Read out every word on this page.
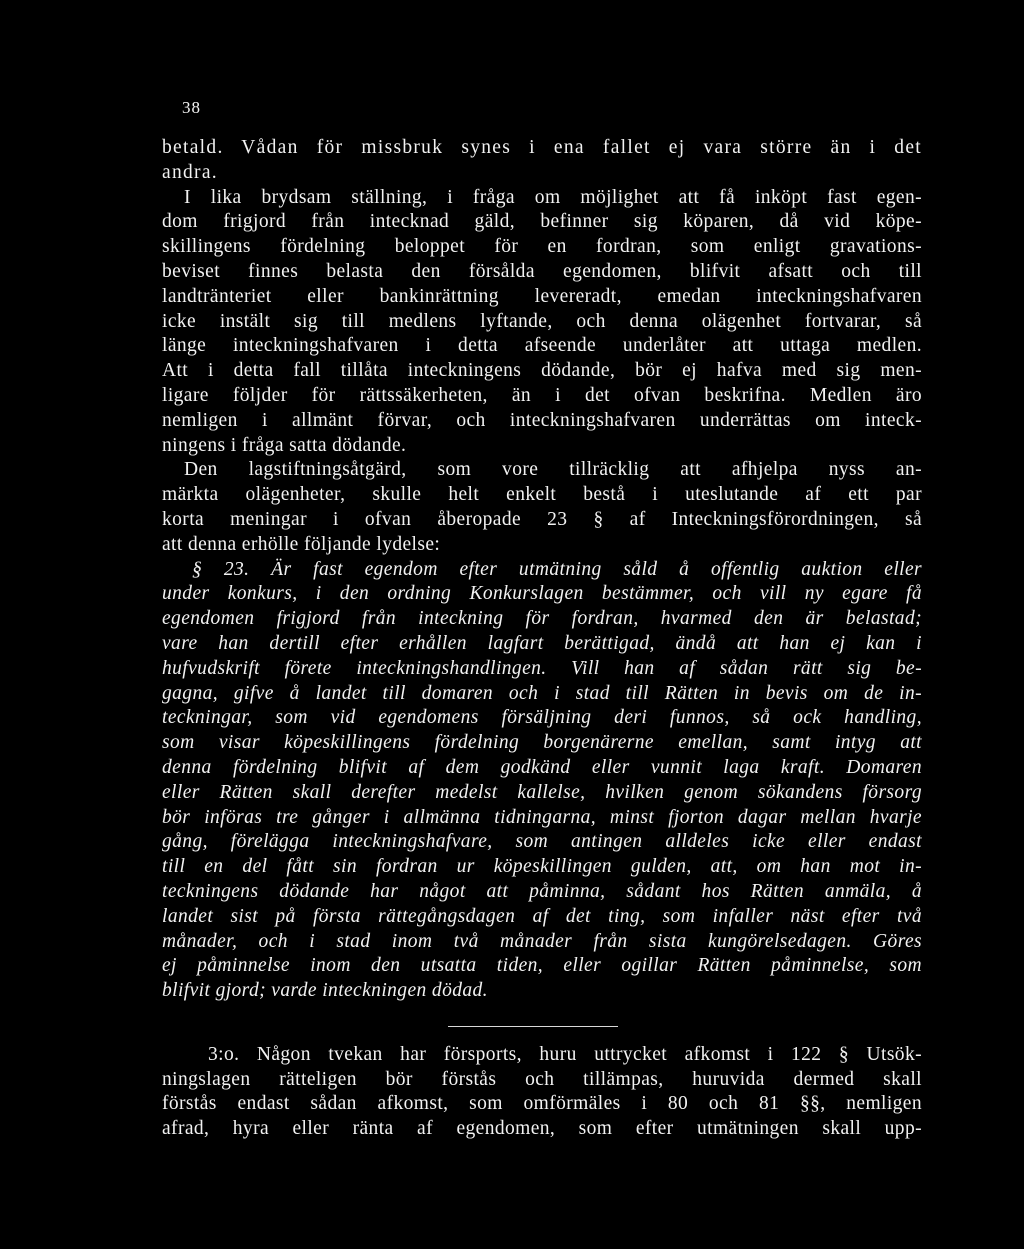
38
betald. Vådan för missbruk synes i ena fallet ej vara större än i det
andra.
I lika brydsam ställning, i fråga om möjlighet att få inköpt fast egen-
dom frigjord från intecknad gäld, befinner sig köparen, då vid köpe-
skillingens fördelning beloppet för en fordran, som enligt gravations-
beviset finnes belasta den försålda egendomen, blifvit afsatt och till
landtränteriet eller bankinrättning levereradt, emedan inteckningshafvaren
icke instält sig till medlens lyftande, och denna olägenhet fortvarar, så
länge inteckningshafvaren i detta afseende underlåter att uttaga medlen.
Att i detta fall tillåta inteckningens dödande, bör ej hafva med sig men-
ligare följder för rättssäkerheten, än i det ofvan beskrifna. Medlen äro
nemligen i allmänt förvar, och inteckningshafvaren underrättas om inteck-
ningens i fråga satta dödande.
Den lagstiftningsåtgärd, som vore tillräcklig att afhjelpa nyss an-
märkta olägenheter, skulle helt enkelt bestå i uteslutande af ett par
korta meningar i ofvan åberopade 23 § af Inteckningsförordningen, så
att denna erhölle följande lydelse:
§ 23. Är fast egendom efter utmätning såld å offentlig auktion eller
under konkurs, i den ordning Konkurslagen bestämmer, och vill ny egare få
egendomen frigjord från inteckning för fordran, hvarmed den är belastad;
vare han dertill efter erhållen lagfart berättigad, ändå att han ej kan i
hufvudskrift förete inteckningshandlingen. Vill han af sådan rätt sig be-
gagna, gifve å landet till domaren och i stad till Rätten in bevis om de in-
teckningar, som vid egendomens försäljning deri funnos, så ock handling,
som visar köpeskillingens fördelning borgenärerne emellan, samt intyg att
denna fördelning blifvit af dem godkänd eller vunnit laga kraft. Domaren
eller Rätten skall derefter medelst kallelse, hvilken genom sökandens försorg
bör införas tre gånger i allmänna tidningarna, minst fjorton dagar mellan hvarje
gång, förelägga inteckningshafvare, som antingen alldeles icke eller endast
till en del fått sin fordran ur köpeskillingen gulden, att, om han mot in-
teckningens dödande har något att påminna, sådant hos Rätten anmäla, å
landet sist på första rättegångsdagen af det ting, som infaller näst efter två
månader, och i stad inom två månader från sista kungörelsedagen. Göres
ej påminnelse inom den utsatta tiden, eller ogillar Rätten påminnelse, som
blifvit gjord; varde inteckningen dödad.
3:o. Någon tvekan har försports, huru uttrycket afkomst i 122 § Utsök-
ningslagen rätteligen bör förstås och tillämpas, huruvida dermed skall
förstås endast sådan afkomst, som omförmäles i 80 och 81 §§, nemligen
afrad, hyra eller ränta af egendomen, som efter utmätningen skall upp-
